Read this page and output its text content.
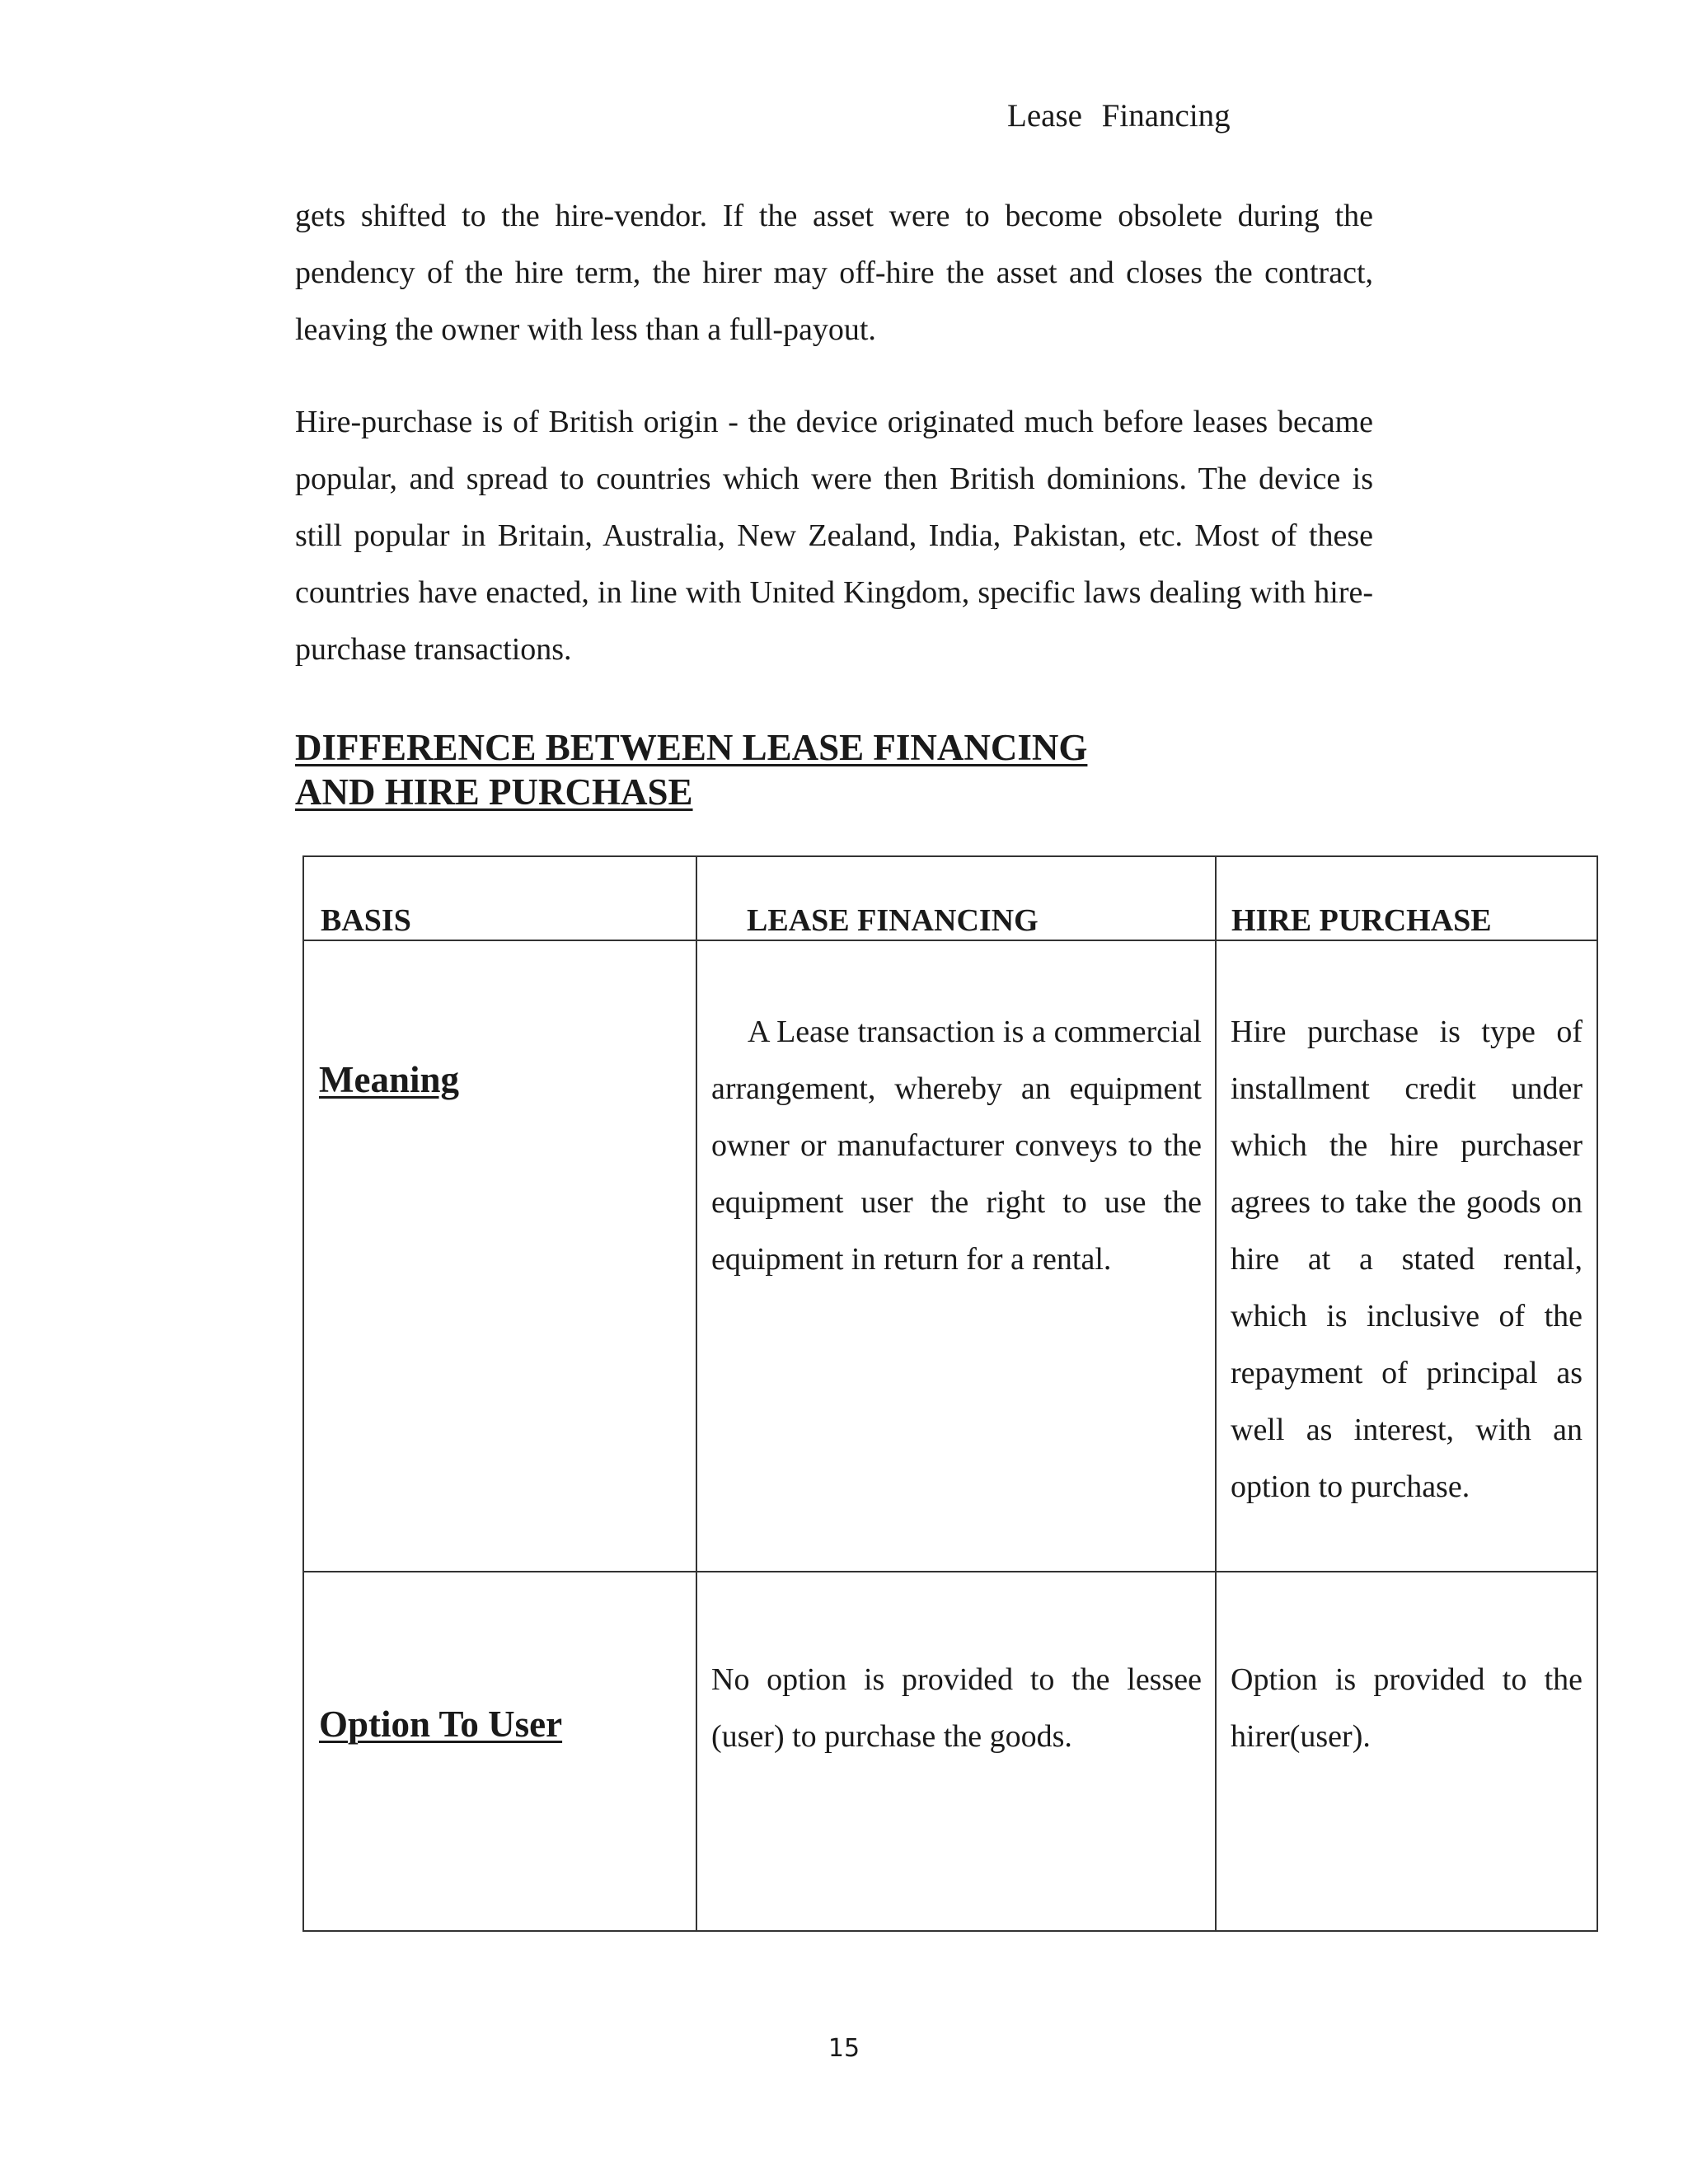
Lease Financing

gets shifted to the hire-vendor. If the asset were to become obsolete during the pendency of the hire term, the hirer may off-hire the asset and closes the contract, leaving the owner with less than a full-payout.

Hire-purchase is of British origin - the device originated much before leases became popular, and spread to countries which were then British dominions. The device is still popular in Britain, Australia, New Zealand, India, Pakistan, etc. Most of these countries have enacted, in line with United Kingdom, specific laws dealing with hire-purchase transactions.

DIFFERENCE BETWEEN LEASE FINANCING
AND HIRE PURCHASE
BASIS	LEASE FINANCING	HIRE PURCHASE

Meaning	A Lease transaction is a commercial arrangement, whereby an equipment owner or manufacturer conveys to the equipment user the right to use the equipment in return for a rental.	Hire purchase is type of installment credit under which the hire purchaser agrees to take the goods on hire at a stated rental, which is inclusive of the repayment of principal as well as interest, with an option to purchase.

Option To User	No option is provided to the lessee (user) to purchase the goods.	Option is provided to the hirer(user).

15
